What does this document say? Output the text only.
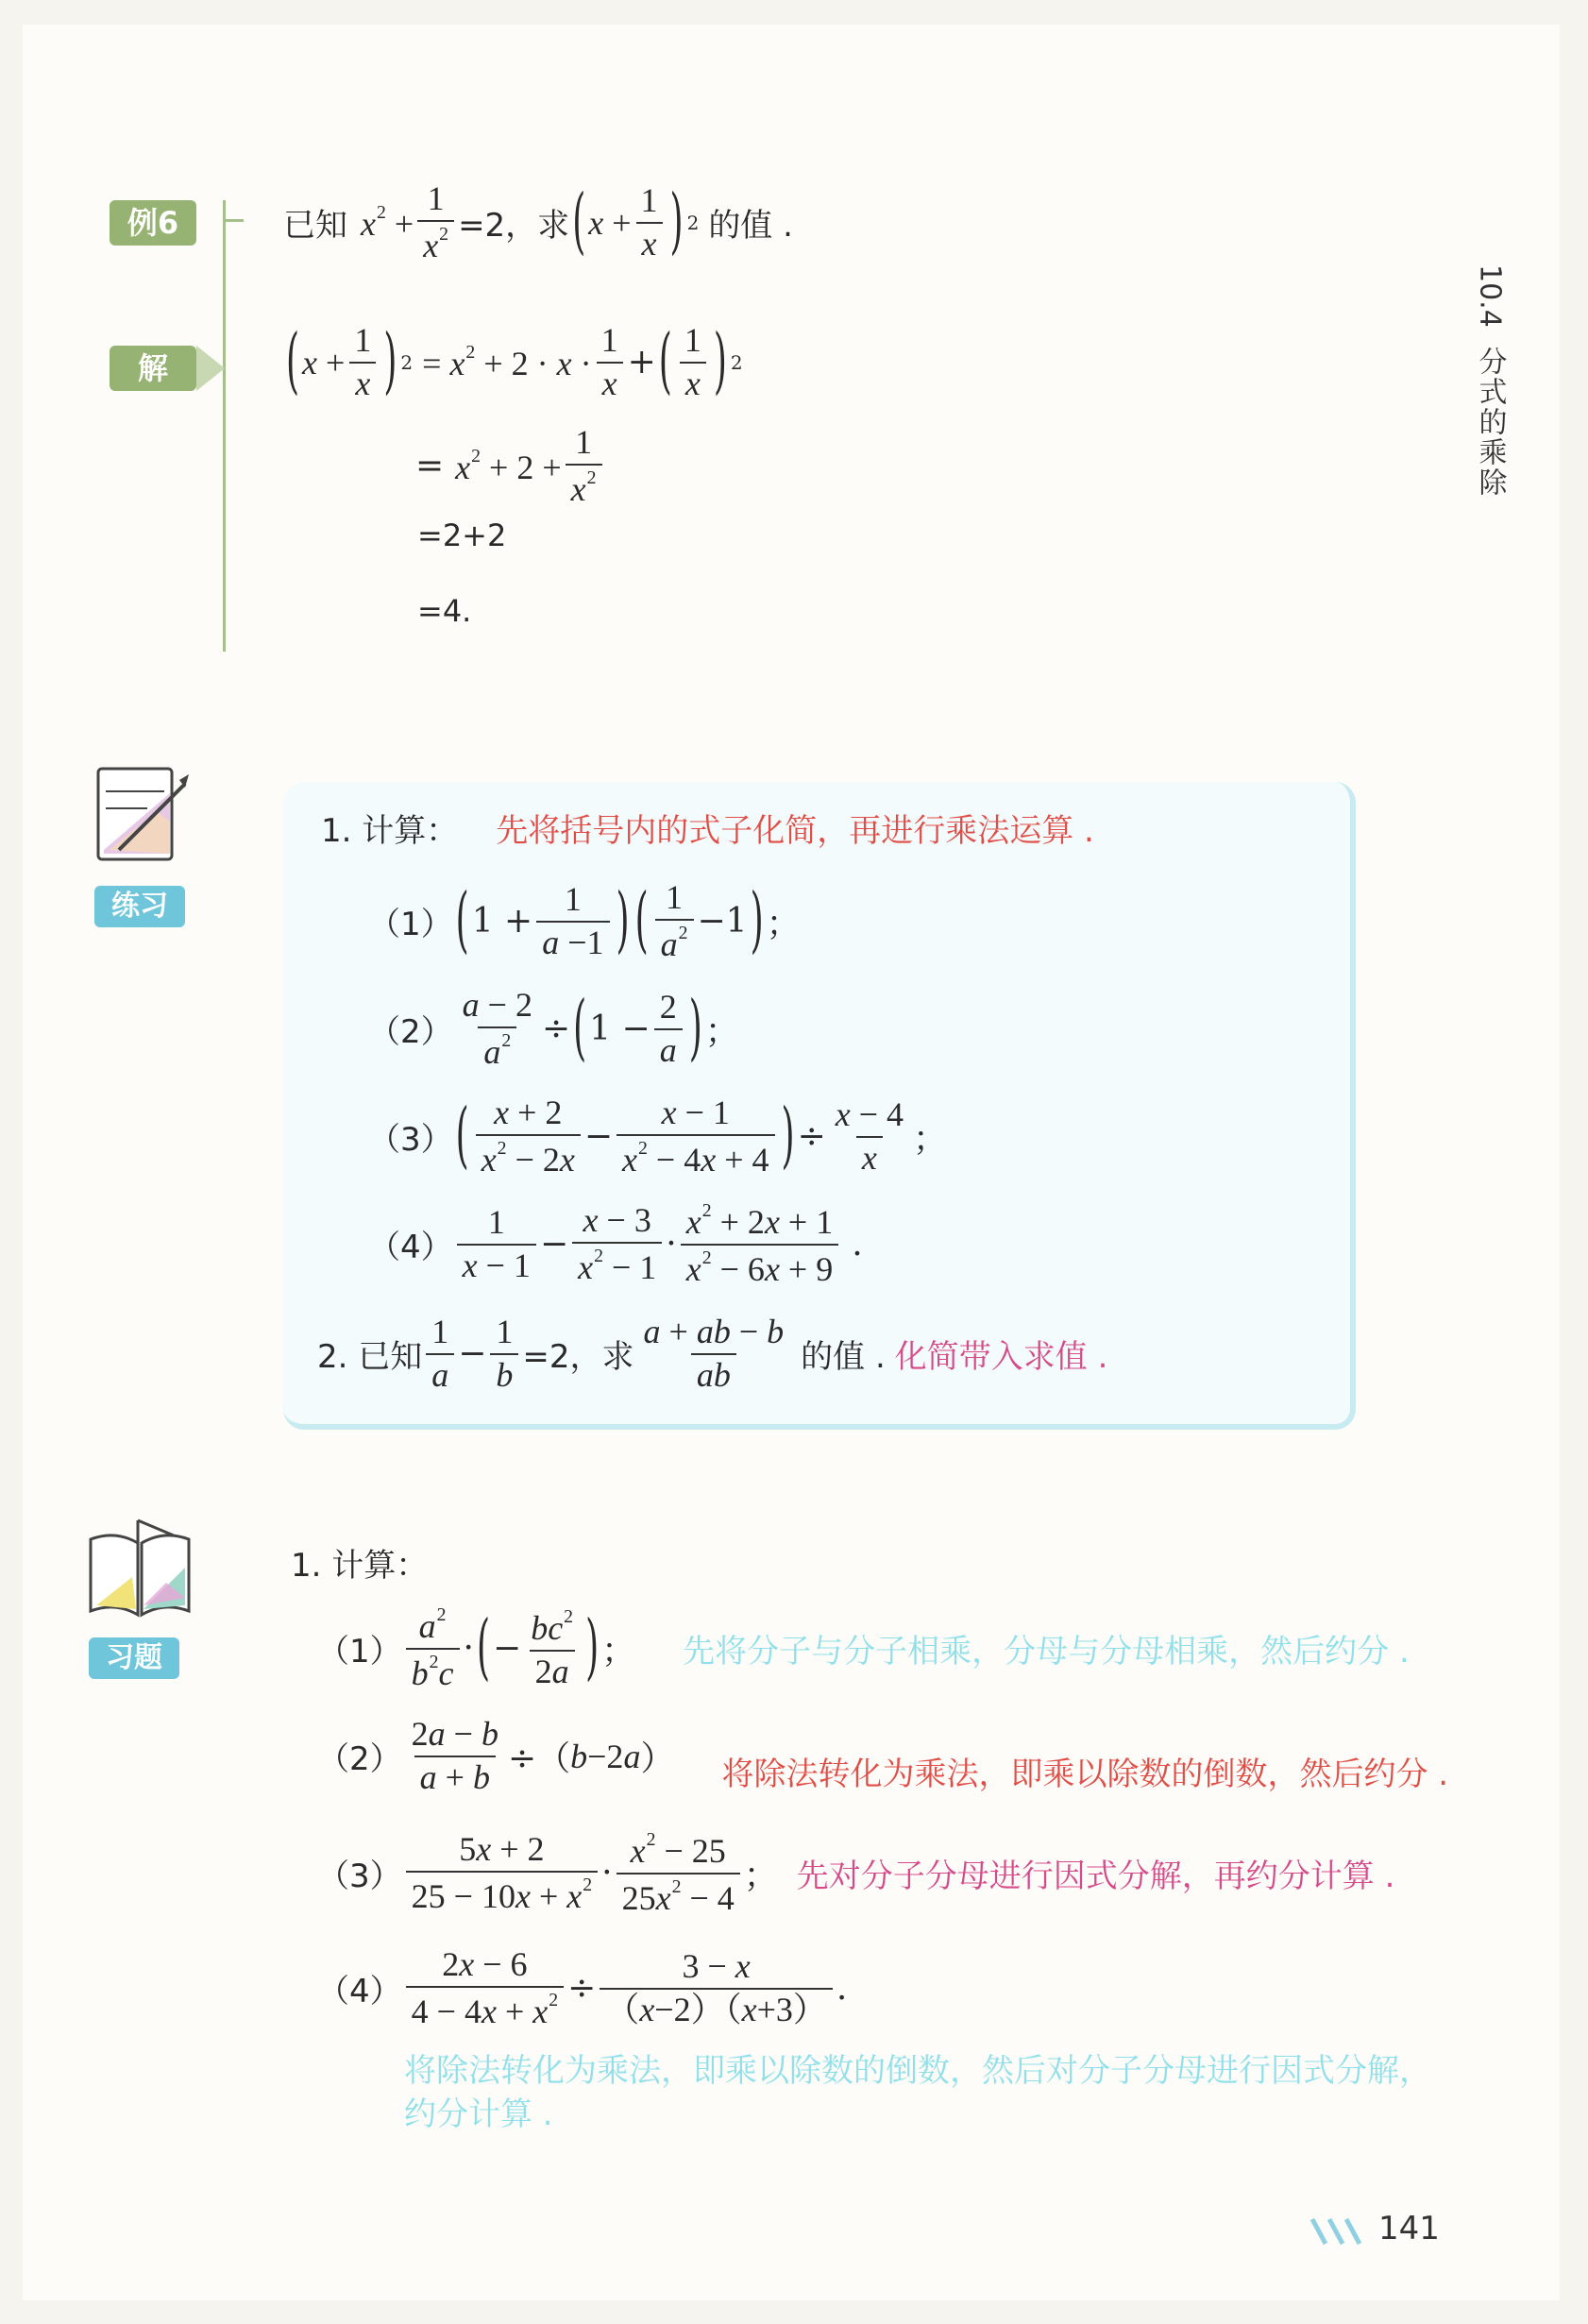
10.4
分式的乘除
例6
解
已知 $x^2 + \frac{1}{x^2} =2$，求 ( $x + \frac{1}{x}$ ) 2 的值 .
( $x + \frac{1}{x}$ ) $2 = x^2 + 2 \cdot x \cdot \frac{1}{x}$ + ( $\frac{1}{x}$ ) 2
= $x^2 + 2 + \frac{1}{x^2}$
=2+2
=4.
练习
1. 计算： 先将括号内的式子化简，再进行乘法运算 .
（1） ( $1 + \frac{1}{a -1}$ ) ( $\frac{1}{a^2} -1$ ) ；
$(2) \frac{a - 2}{a^2}$ ÷ ( $1 - \frac{2}{a}$ ) ；
（3） ( $\frac{x + 2}{x^2 - 2x} - \frac{x - 1}{x^2 - 4x + 4}$ ) ÷ $\frac{x - 4}{x}$ ；
$(4) \frac{1}{x - 1} - \frac{x - 3}{x^2 - 1} \cdot \frac{x^2 + 2x + 1}{x^2 - 6x + 9}$ .
2. 已知 $\frac{1}{a} - \frac{1}{b} =2$，求 $\frac{a + ab - b}{ab}$ 的值 . 化简带入求值 .
习题
1. 计算：
$(1) \frac{a^2}{b^2c}$ · ( − $\frac{bc^2}{2a}$ ) ； 先将分子与分子相乘，分母与分母相乘，然后约分 .
$(2) \frac{2a - b}{a + b}$ ÷（ b−2a ） 将除法转化为乘法，即乘以除数的倒数，然后约分 .
$(3) \frac{5x + 2}{25 - 10x + x^2} \cdot \frac{x^2 - 25}{25x^2 - 4}$ ； 先对分子分母进行因式分解，再约分计算 .
$(4) \frac{2x - 6}{4 - 4x + x^2} \div \frac{3 - x}{(x-2)(x+3)}$ .
将除法转化为乘法，即乘以除数的倒数，然后对分子分母进行因式分解，
约分计算 .
141
